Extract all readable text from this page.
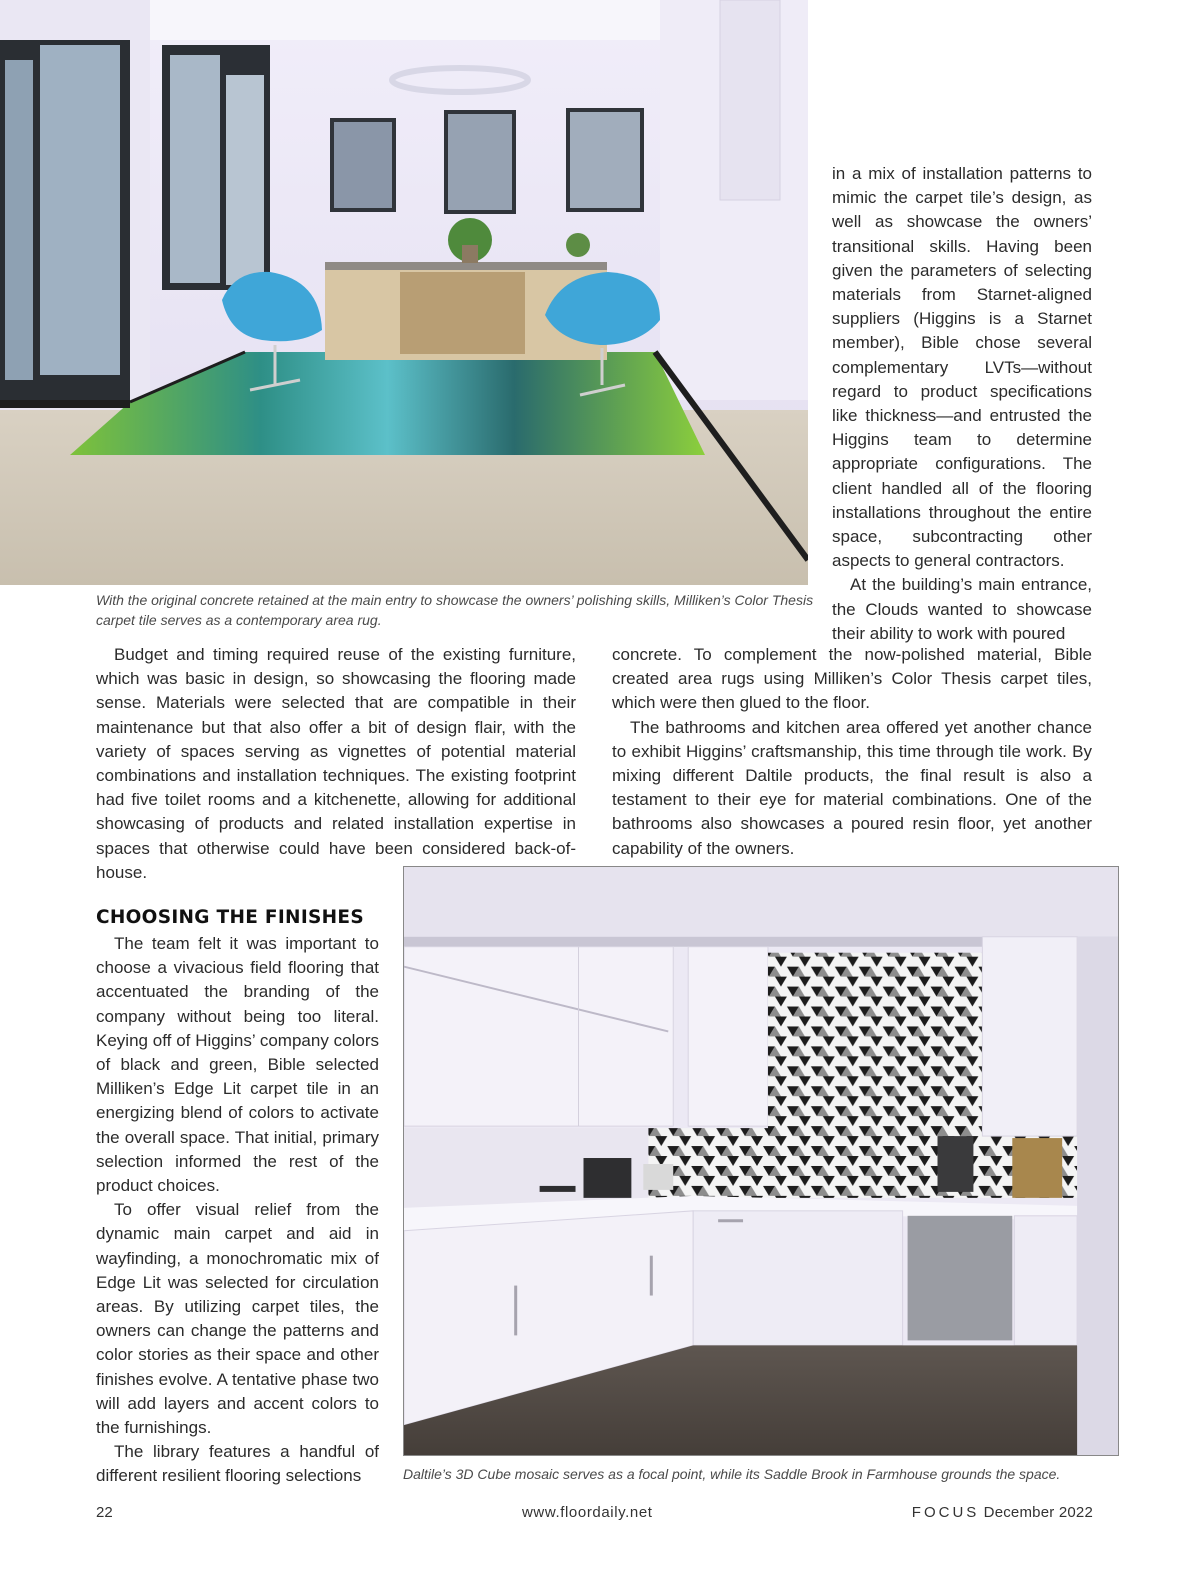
With the original concrete retained at the main entry to showcase the owners’ polishing skills, Milliken’s Color Thesis carpet tile serves as a contemporary area rug.

in a mix of installation patterns to mimic the carpet tile’s design, as well as showcase the owners’ transitional skills. Having been given the parameters of selecting materials from Starnet-aligned suppliers (Higgins is a Starnet member), Bible chose several complementary LVTs—without regard to product specifications like thickness—and entrusted the Higgins team to determine appropriate configurations. The client handled all of the flooring installations throughout the entire space, subcontracting other aspects to general contractors.

At the building’s main entrance, the Clouds wanted to showcase their ability to work with poured

Budget and timing required reuse of the existing furniture, which was basic in design, so showcasing the flooring made sense. Materials were selected that are compatible in their maintenance but that also offer a bit of design flair, with the variety of spaces serving as vignettes of potential material combinations and installation techniques. The existing footprint had five toilet rooms and a kitchenette, allowing for additional showcasing of products and related installation expertise in spaces that otherwise could have been considered back-of-house.

concrete. To complement the now-polished material, Bible created area rugs using Milliken’s Color Thesis carpet tiles, which were then glued to the floor.

The bathrooms and kitchen area offered yet another chance to exhibit Higgins’ craftsmanship, this time through tile work. By mixing different Daltile products, the final result is also a testament to their eye for material combinations. One of the bathrooms also showcases a poured resin floor, yet another capability of the owners.

CHOOSING THE FINISHES

The team felt it was important to choose a vivacious field flooring that accentuated the branding of the company without being too literal. Keying off of Higgins’ company colors of black and green, Bible selected Milliken’s Edge Lit carpet tile in an energizing blend of colors to activate the overall space. That initial, primary selection informed the rest of the product choices.

To offer visual relief from the dynamic main carpet and aid in wayfinding, a monochromatic mix of Edge Lit was selected for circulation areas. By utilizing carpet tiles, the owners can change the patterns and color stories as their space and other finishes evolve. A tentative phase two will add layers and accent colors to the furnishings.

The library features a handful of different resilient flooring selections	Daltile’s 3D Cube mosaic serves as a focal point, while its Saddle Brook in Farmhouse grounds the space.
22	www.floordaily.net	FOCUS December 2022
